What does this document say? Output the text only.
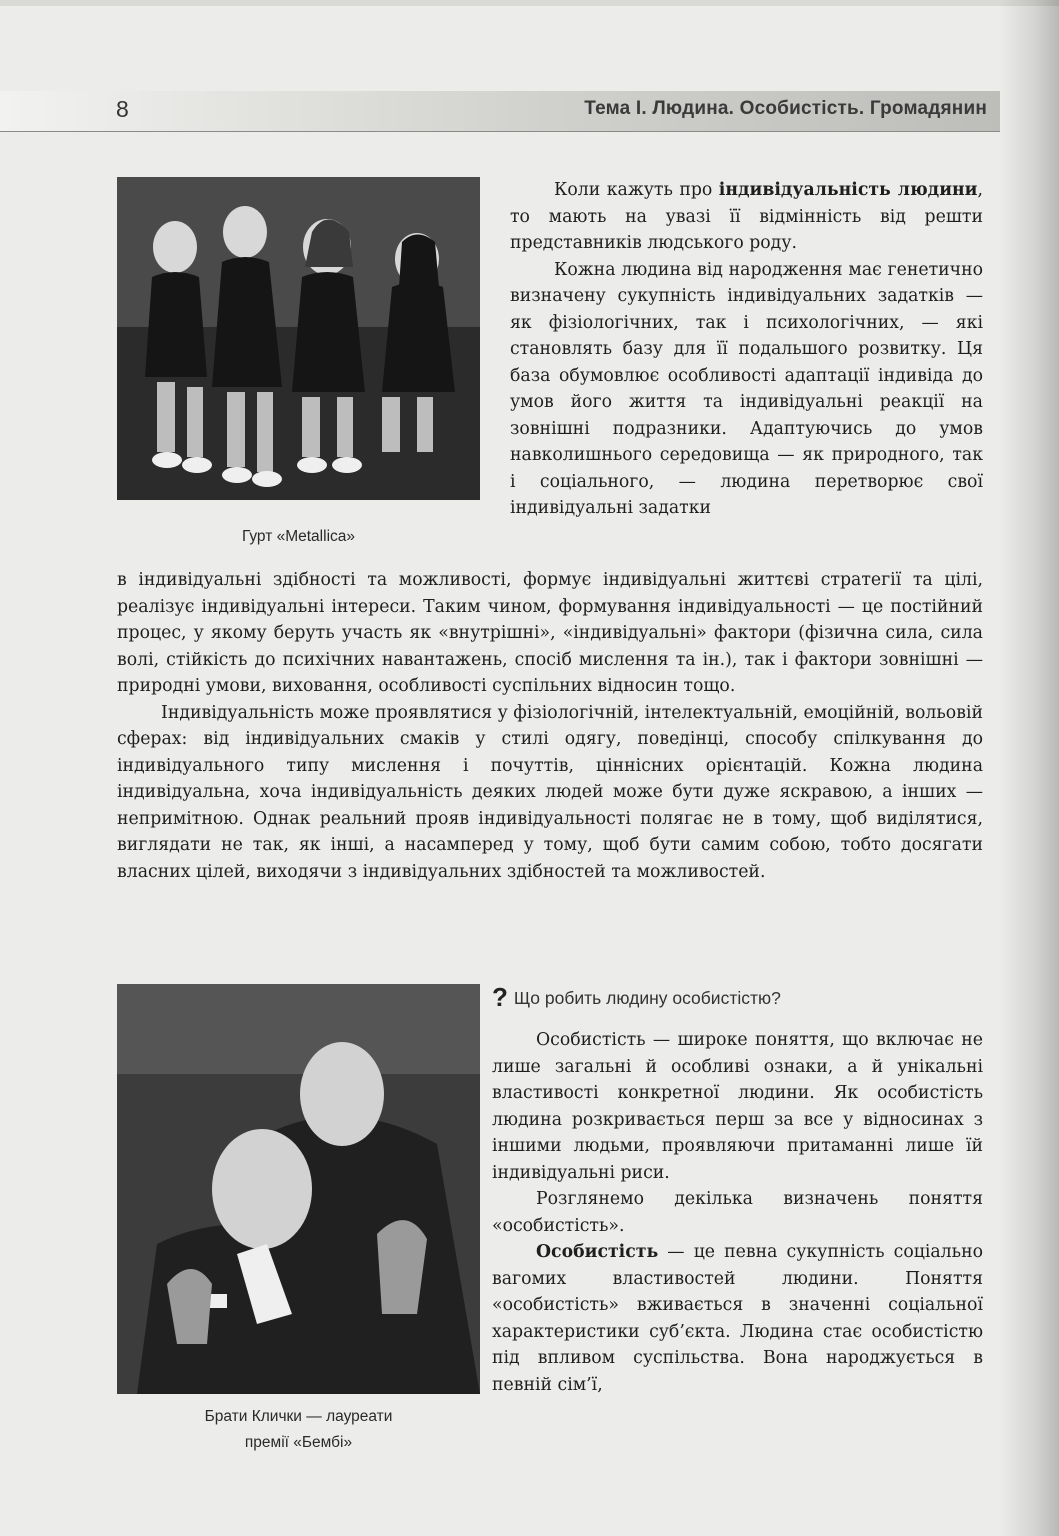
8	Тема І. Людина. Особистість. Громадянин
Гурт «Metallica»

Коли кажуть про індивідуальність людини, то мають на увазі її відмінність від решти представників людського роду.

Кожна людина від народження має генетично визначену сукупність індивідуальних задатків — як фізіологічних, так і психологічних, — які становлять базу для її подальшого розвитку. Ця база обумовлює особливості адаптації індивіда до умов його життя та індивідуальні реакції на зовнішні подразники. Адаптуючись до умов навколишнього середовища — як природного, так і соціального, — людина перетворює свої індивідуальні задатки

в індивідуальні здібності та можливості, формує індивідуальні життєві стратегії та цілі, реалізує індивідуальні інтереси. Таким чином, формування індивідуальності — це постійний процес, у якому беруть участь як «внутрішні», «індивідуальні» фактори (фізична сила, сила волі, стійкість до психічних навантажень, спосіб мислення та ін.), так і фактори зовнішні — природні умови, виховання, особливості суспільних відносин тощо.

Індивідуальність може проявлятися у фізіологічній, інтелектуальній, емоційній, вольовій сферах: від індивідуальних смаків у стилі одягу, поведінці, способу спілкування до індивідуального типу мислення і почуттів, ціннісних орієнтацій. Кожна людина індивідуальна, хоча індивідуальність деяких людей може бути дуже яскравою, а інших — непримітною. Однак реальний прояв індивідуальності полягає не в тому, щоб виділятися, виглядати не так, як інші, а насамперед у тому, щоб бути самим собою, тобто досягати власних цілей, виходячи з індивідуальних здібностей та можливостей.

Брати Клички — лауреати
премії «Бембі»
? Що робить людину особистістю?

Особистість — широке поняття, що включає не лише загальні й особливі ознаки, а й унікальні властивості конкретної людини. Як особистість людина розкривається перш за все у відносинах з іншими людьми, проявляючи притаманні лише їй індивідуальні риси.

Розглянемо декілька визначень поняття «особистість».

Особистість — це певна сукупність соціально вагомих властивостей людини. Поняття «особистість» вживається в значенні соціальної характеристики суб’єкта. Людина стає особистістю під впливом суспільства. Вона народжується в певній сім’ї,
